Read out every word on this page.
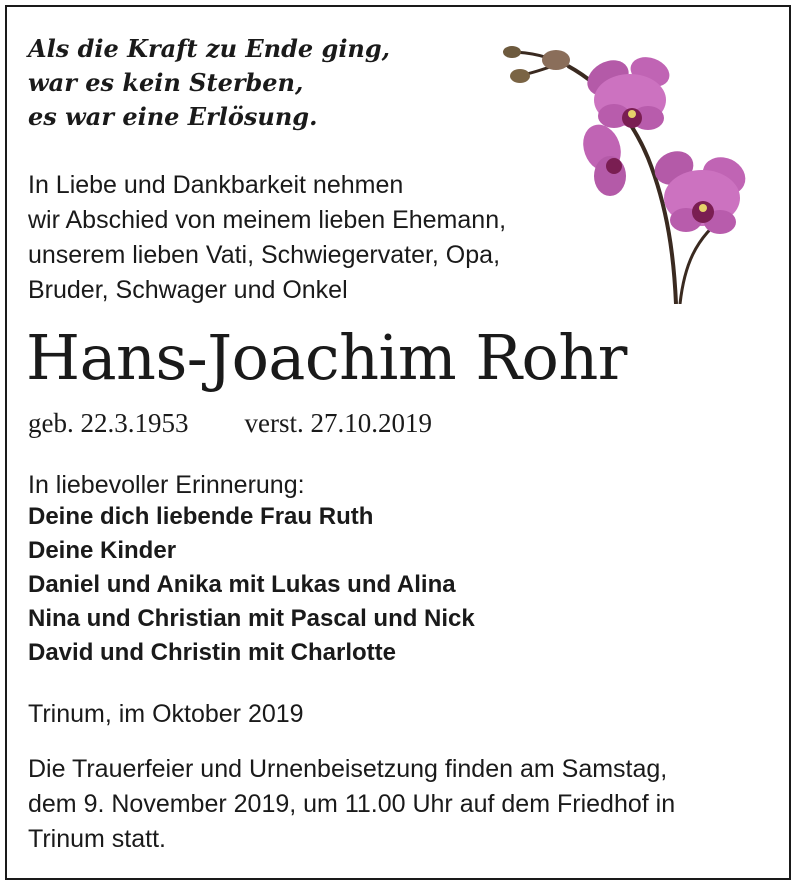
Als die Kraft zu Ende ging,
war es kein Sterben,
es war eine Erlösung.
In Liebe und Dankbarkeit nehmen
wir Abschied von meinem lieben Ehemann,
unserem lieben Vati, Schwiegervater, Opa,
Bruder, Schwager und Onkel
Hans-Joachim Rohr
geb. 22.3.1953 verst. 27.10.2019
In liebevoller Erinnerung:
Deine dich liebende Frau Ruth
Deine Kinder
Daniel und Anika mit Lukas und Alina
Nina und Christian mit Pascal und Nick
David und Christin mit Charlotte
Trinum, im Oktober 2019
Die Trauerfeier und Urnenbeisetzung finden am Samstag,
dem 9. November 2019, um 11.00 Uhr auf dem Friedhof in
Trinum statt.
